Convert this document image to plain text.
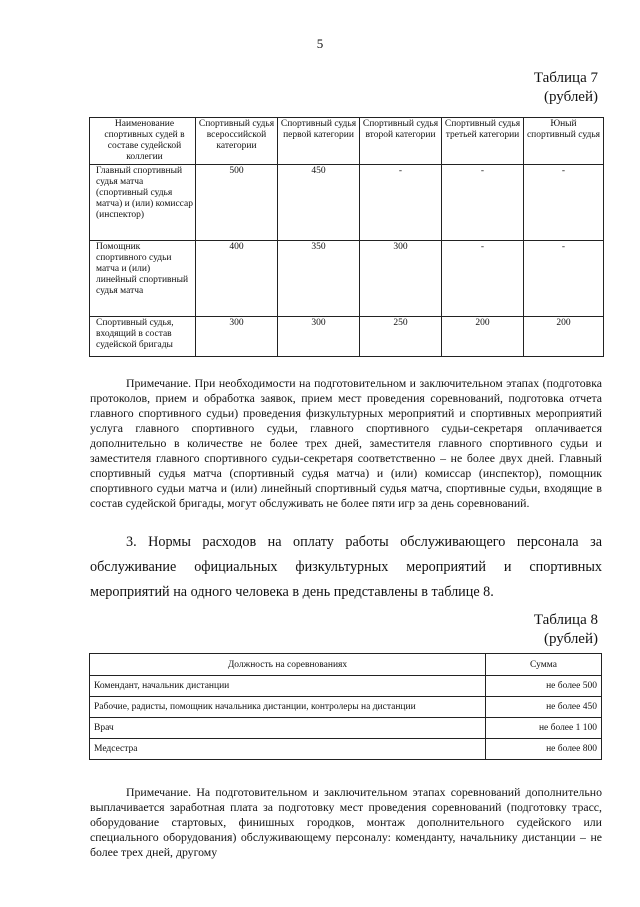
5
Таблица 7
(рублей)
Наименование спортивных судей в составе судейской коллегии	Спортивный судья всероссийской категории	Спортивный судья первой категории	Спортивный судья второй категории	Спортивный судья третьей категории	Юный спортивный судья
Главный спортивный судья матча (спортивный судья матча) и (или) комиссар (инспектор)	500	450	-	-	-
Помощник спортивного судьи матча и (или) линейный спортивный судья матча	400	350	300	-	-
Спортивный судья, входящий в состав судейской бригады	300	300	250	200	200

Примечание. При необходимости на подготовительном и заключительном этапах (подготовка протоколов, прием и обработка заявок, прием мест проведения соревнований, подготовка отчета главного спортивного судьи) проведения физкультурных мероприятий и спортивных мероприятий услуга главного спортивного судьи, главного спортивного судьи-секретаря оплачивается дополнительно в количестве не более трех дней, заместителя главного спортивного судьи и заместителя главного спортивного судьи-секретаря соответственно – не более двух дней. Главный спортивный судья матча (спортивный судья матча) и (или) комиссар (инспектор), помощник спортивного судьи матча и (или) линейный спортивный судья матча, спортивные судьи, входящие в состав судейской бригады, могут обслуживать не более пяти игр за день соревнований.

3. Нормы расходов на оплату работы обслуживающего персонала за обслуживание официальных физкультурных мероприятий и спортивных мероприятий на одного человека в день представлены в таблице 8.

Таблица 8
(рублей)
Должность на соревнованиях	Сумма
Комендант, начальник дистанции	не более 500
Рабочие, радисты, помощник начальника дистанции, контролеры на дистанции	не более 450
Врач	не более 1 100
Медсестра	не более 800

Примечание. На подготовительном и заключительном этапах соревнований дополнительно выплачивается заработная плата за подготовку мест проведения соревнований (подготовку трасс, оборудование стартовых, финишных городков, монтаж дополнительного судейского или специального оборудования) обслуживающему персоналу: коменданту, начальнику дистанции – не более трех дней, другому
